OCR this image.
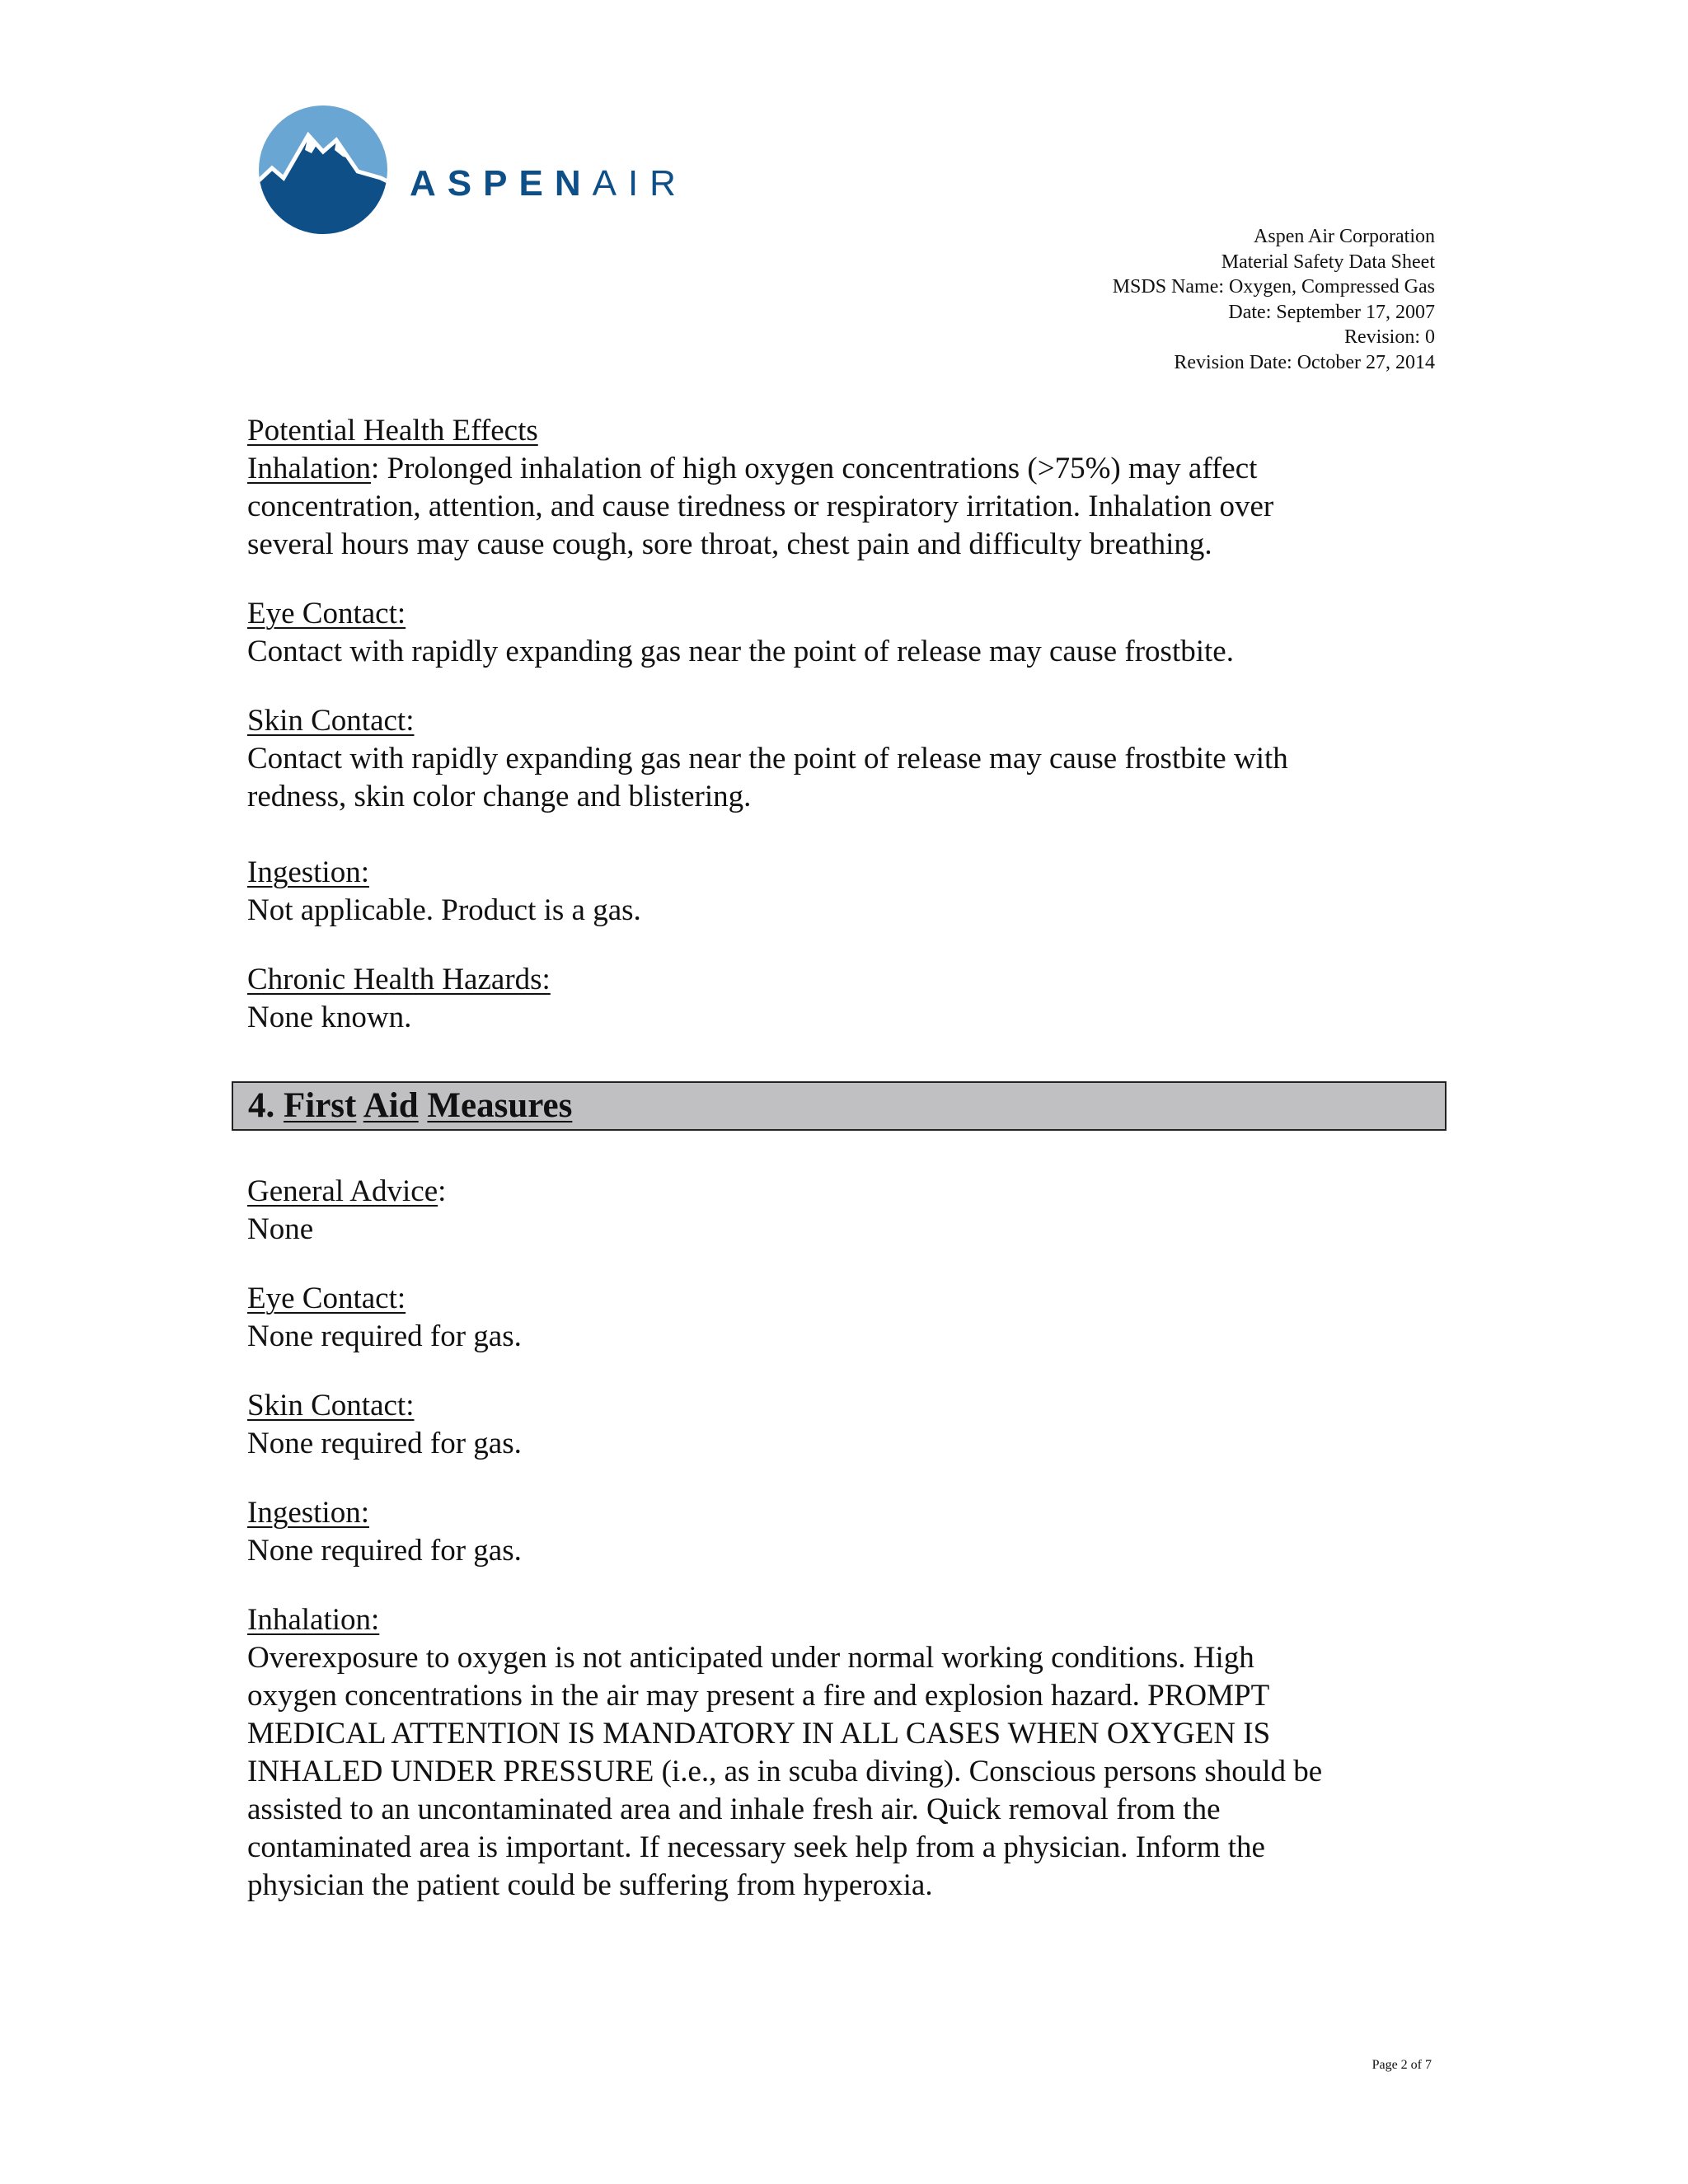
ASPENAIR
Aspen Air Corporation
Material Safety Data Sheet
MSDS Name: Oxygen, Compressed Gas
Date: September 17, 2007
Revision: 0
Revision Date: October 27, 2014

Potential Health Effects

Inhalation: Prolonged inhalation of high oxygen concentrations (>75%) may affect

concentration, attention, and cause tiredness or respiratory irritation. Inhalation over

several hours may cause cough, sore throat, chest pain and difficulty breathing.

Eye Contact:

Contact with rapidly expanding gas near the point of release may cause frostbite.

Skin Contact:

Contact with rapidly expanding gas near the point of release may cause frostbite with

redness, skin color change and blistering.

Ingestion:

Not applicable. Product is a gas.

Chronic Health Hazards:

None known.

4. First Aid Measures

General Advice:

None

Eye Contact:

None required for gas.

Skin Contact:

None required for gas.

Ingestion:

None required for gas.

Inhalation:

Overexposure to oxygen is not anticipated under normal working conditions. High

oxygen concentrations in the air may present a fire and explosion hazard. PROMPT

MEDICAL ATTENTION IS MANDATORY IN ALL CASES WHEN OXYGEN IS

INHALED UNDER PRESSURE (i.e., as in scuba diving). Conscious persons should be

assisted to an uncontaminated area and inhale fresh air. Quick removal from the

contaminated area is important. If necessary seek help from a physician. Inform the

physician the patient could be suffering from hyperoxia.

Page 2 of 7
